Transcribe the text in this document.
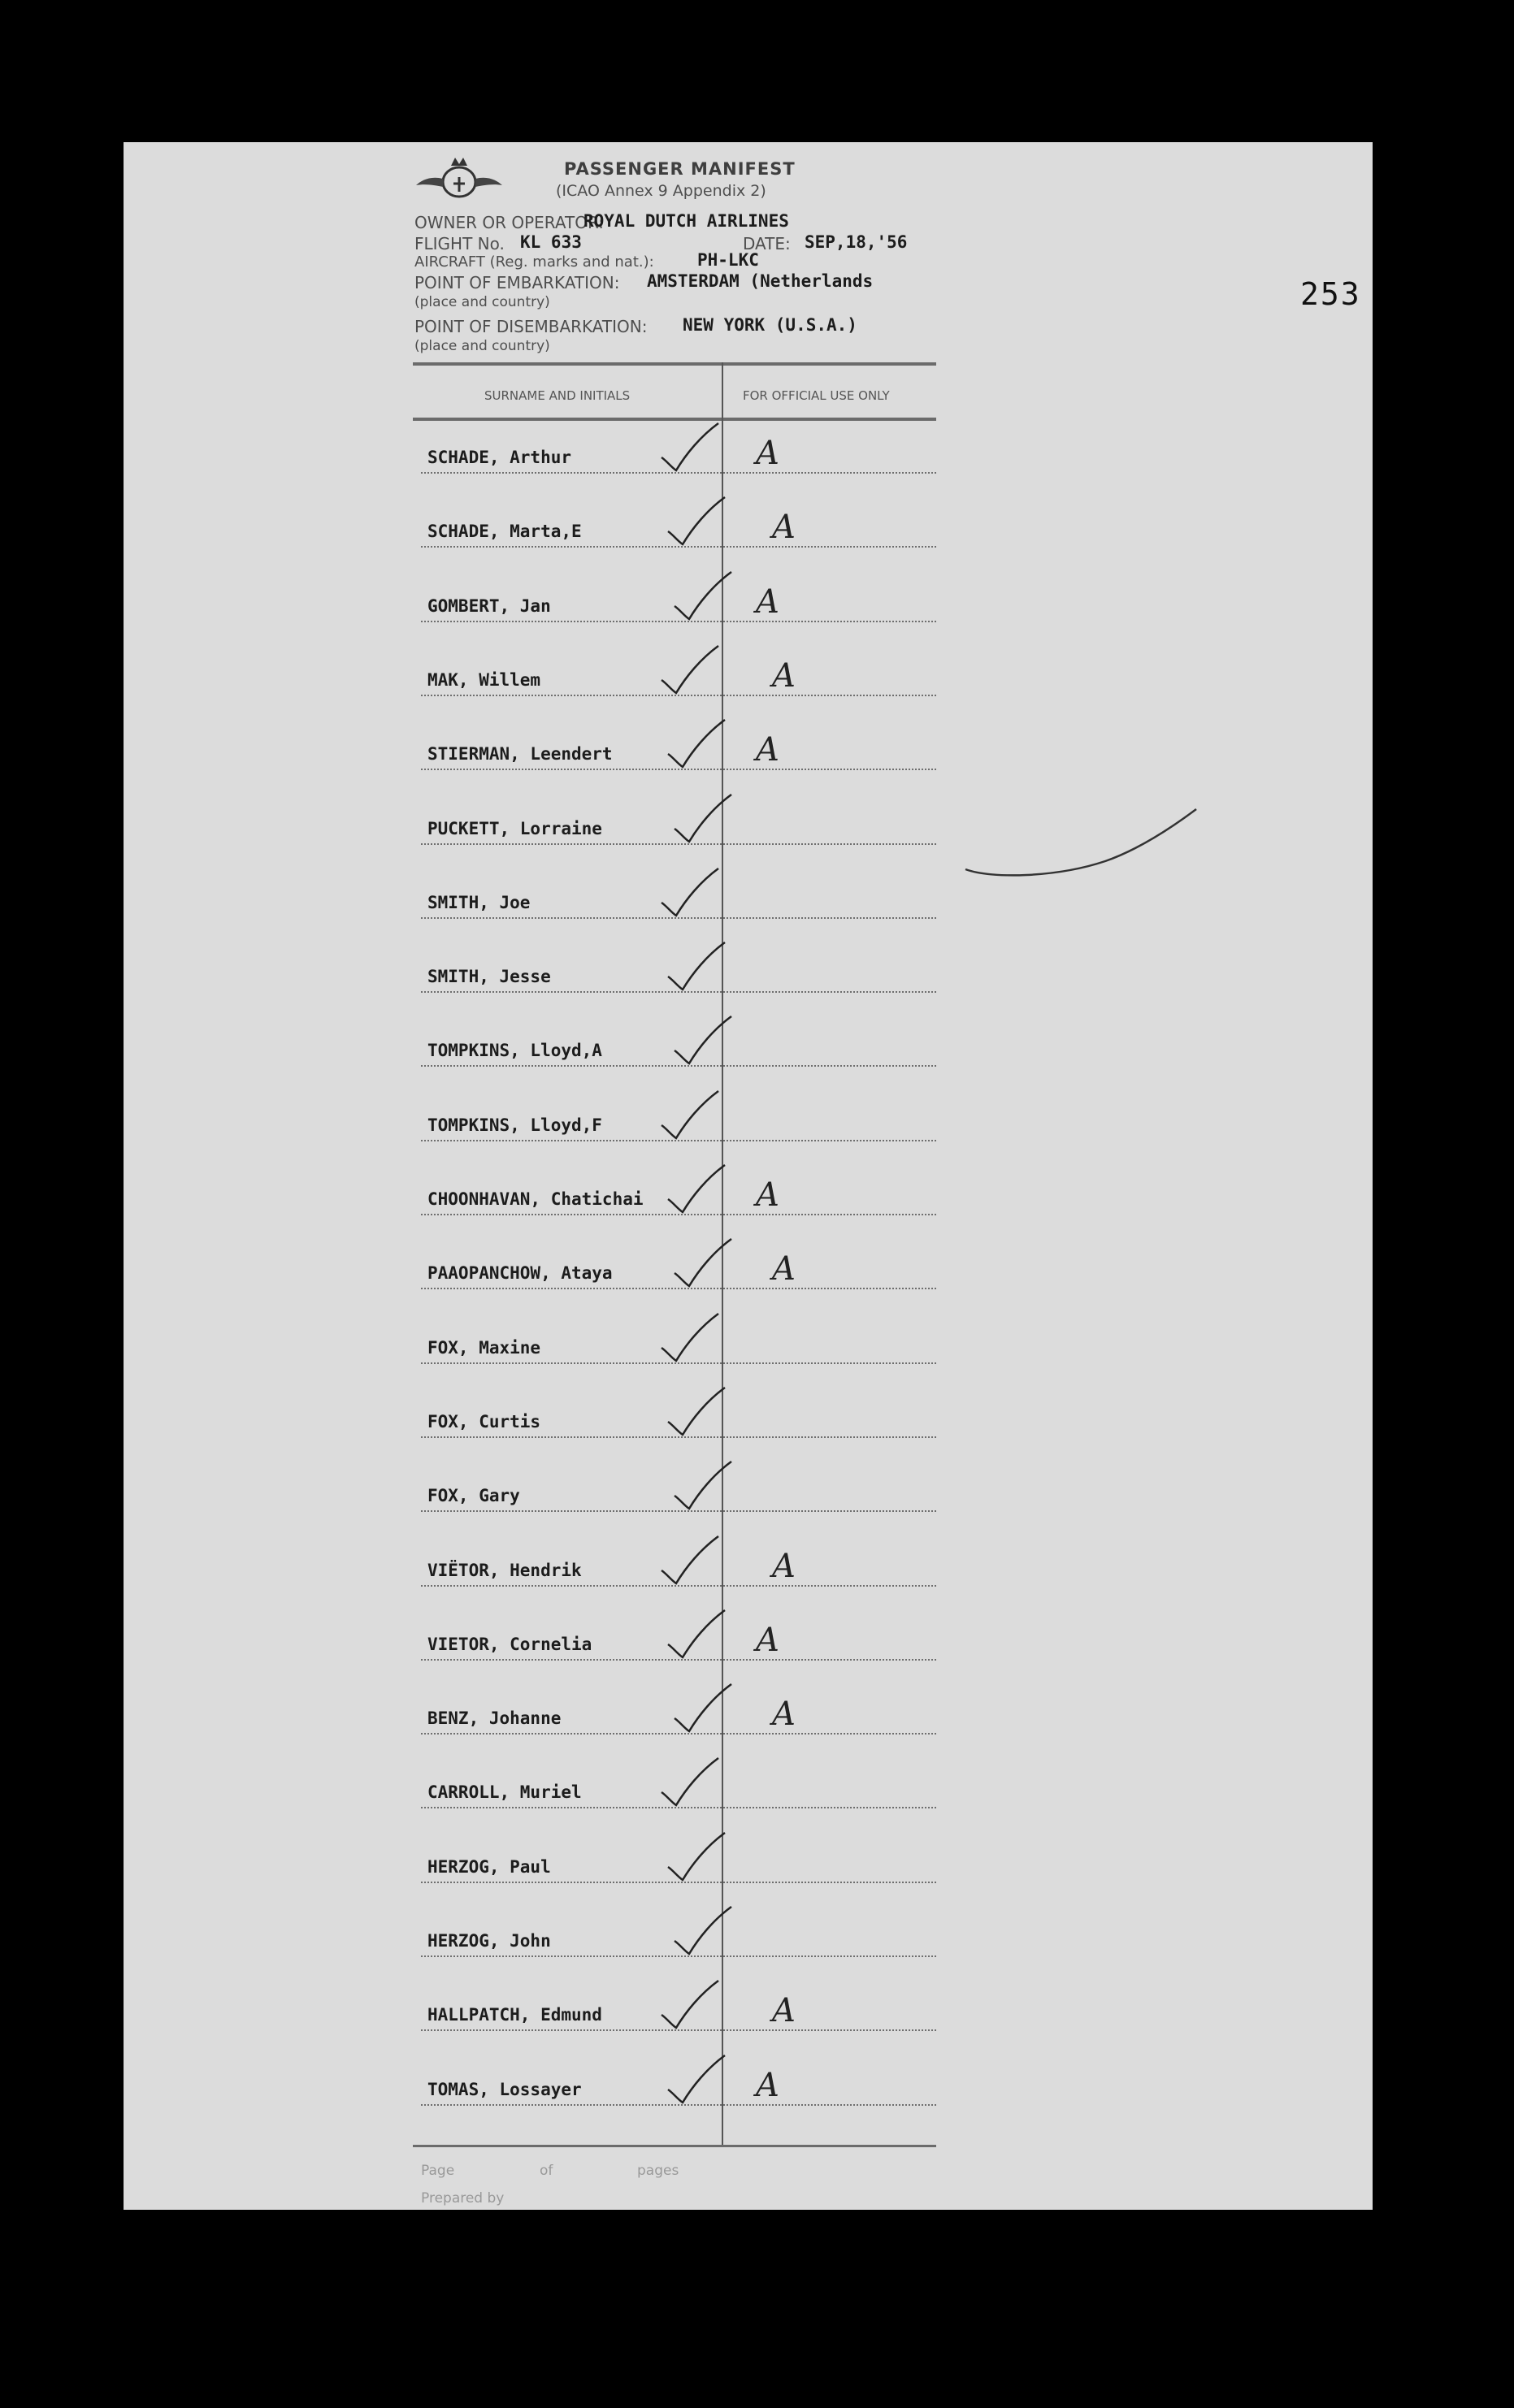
PASSENGER MANIFEST
(ICAO Annex 9 Appendix 2)
OWNER OR OPERATOR:
ROYAL DUTCH AIRLINES
FLIGHT No. KL 633	DATE: SEP,18,'56
AIRCRAFT (Reg. marks and nat.):	PH-LKC
POINT OF EMBARKATION: AMSTERDAM (Netherlands
(place and country)
POINT OF DISEMBARKATION: NEW YORK (U.S.A.)
(place and country)
253
SURNAME AND INITIALS	FOR OFFICIAL USE ONLY
SCHADE, Arthur	A
SCHADE, Marta,E	A
GOMBERT, Jan	A
MAK, Willem	A
STIERMAN, Leendert	A
PUCKETT, Lorraine
SMITH, Joe
SMITH, Jesse
TOMPKINS, Lloyd,A
TOMPKINS, Lloyd,F
CHOONHAVAN, Chatichai	A
PAAOPANCHOW, Ataya	A
FOX, Maxine
FOX, Curtis
FOX, Gary
VIËTOR, Hendrik	A
VIETOR, Cornelia	A
BENZ, Johanne	A
CARROLL, Muriel
HERZOG, Paul
HERZOG, John
HALLPATCH, Edmund	A
TOMAS, Lossayer	A
Page	of	pages
Prepared by
